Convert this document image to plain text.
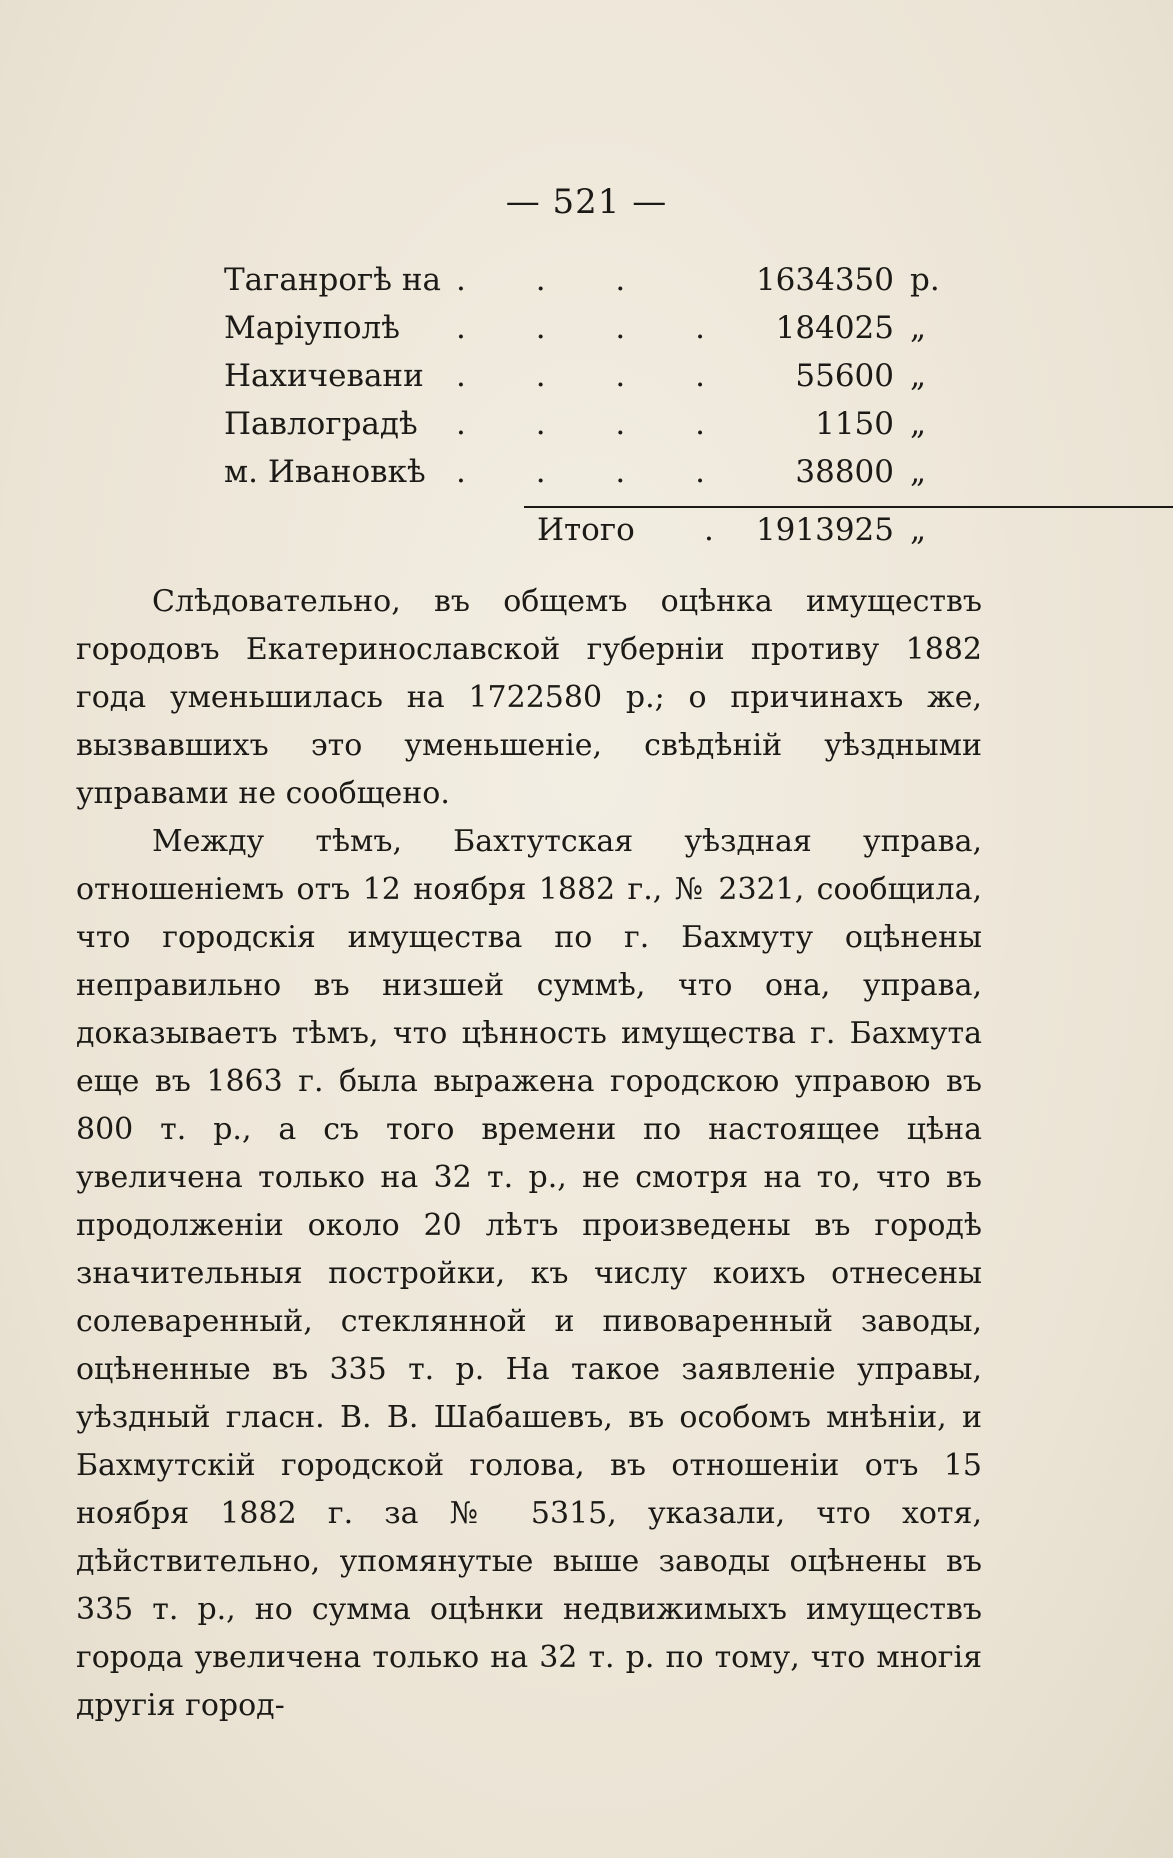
— 521 —
Таганрогѣ на . . .	1634350 р.
Маріуполѣ . . . . 184025 „
Нахичевани . . . . 55600 „
Павлоградѣ . . . .	1150 „
м. Ивановкѣ . . . . 38800 „
Итого . 1913925 „

Слѣдовательно, въ общемъ оцѣнка имуществъ городовъ Екатеринославской губерніи противу 1882 года уменьшилась на 1722580 р.; о причинахъ же, вызвавшихъ это уменьшеніе, свѣдѣній уѣздными управами не сообщено.

Между тѣмъ, Бахтутская уѣздная управа, отношеніемъ отъ 12 ноября 1882 г., № 2321, сообщила, что городскія имущества по г. Бахмуту оцѣнены неправильно въ низшей суммѣ, что она, управа, доказываетъ тѣмъ, что цѣнность имущества г. Бахмута еще въ 1863 г. была выражена городскою управою въ 800 т. р., а съ того времени по настоящее цѣна увеличена только на 32 т. р., не смотря на то, что въ продолженіи около 20 лѣтъ произведены въ городѣ значительныя постройки, къ числу коихъ отнесены солеваренный, стеклянной и пивоваренный заводы, оцѣненные въ 335 т. р. На такое заявленіе управы, уѣздный гласн. В. В. Шабашевъ, въ особомъ мнѣніи, и Бахмутскій городской голова, въ отношеніи отъ 15 ноября 1882 г. за № 5315, указали, что хотя, дѣйствительно, упомянутые выше заводы оцѣнены въ 335 т. р., но сумма оцѣнки недвижимыхъ имуществъ города увеличена только на 32 т. р. по тому, что многія другія город-
